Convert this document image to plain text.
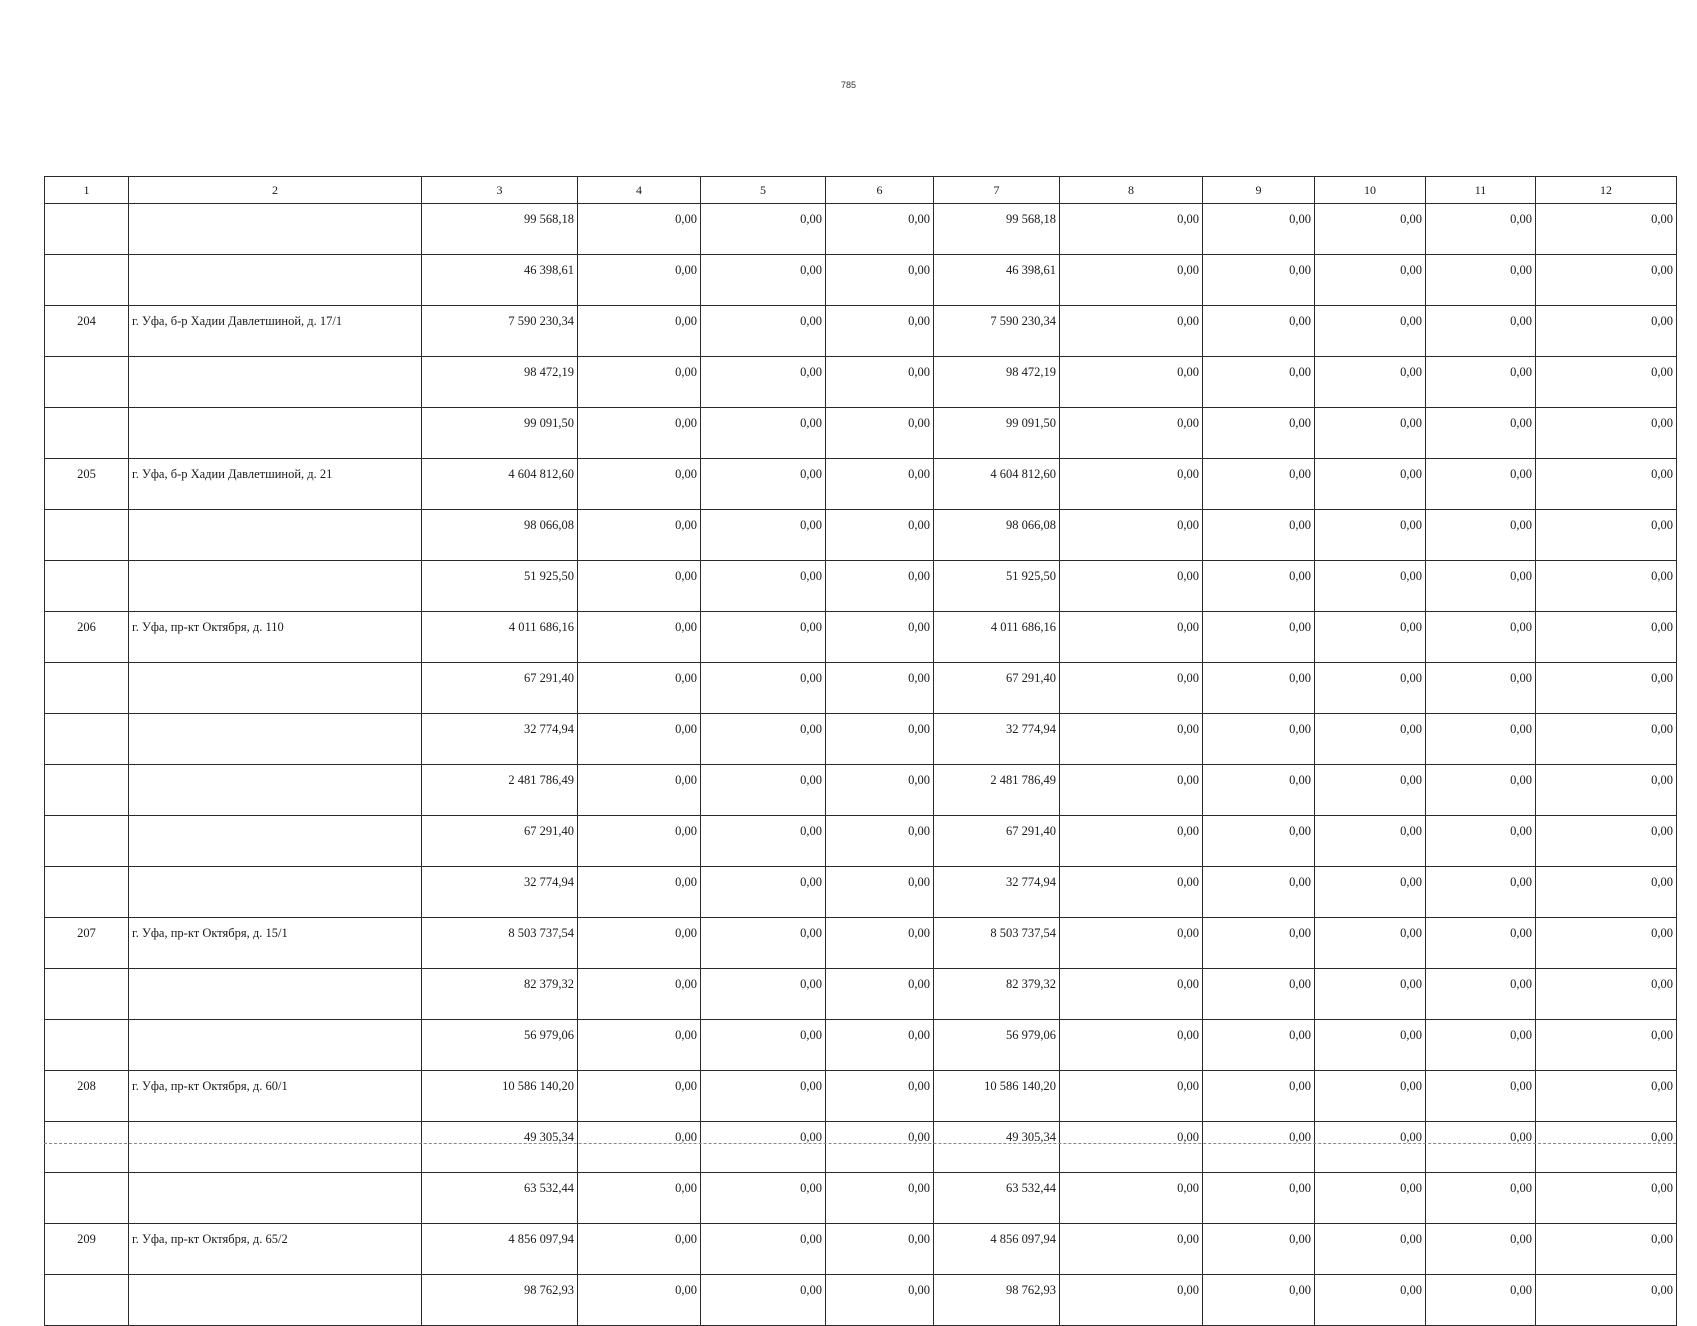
785
1	2	3	4	5	6	7	8	9	10	11	12
		99 568,18	0,00	0,00	0,00	99 568,18	0,00	0,00	0,00	0,00	0,00
		46 398,61	0,00	0,00	0,00	46 398,61	0,00	0,00	0,00	0,00	0,00
204	г. Уфа, б-р Хадии Давлетшиной, д. 17/1	7 590 230,34	0,00	0,00	0,00	7 590 230,34	0,00	0,00	0,00	0,00	0,00
		98 472,19	0,00	0,00	0,00	98 472,19	0,00	0,00	0,00	0,00	0,00
		99 091,50	0,00	0,00	0,00	99 091,50	0,00	0,00	0,00	0,00	0,00
205	г. Уфа, б-р Хадии Давлетшиной, д. 21	4 604 812,60	0,00	0,00	0,00	4 604 812,60	0,00	0,00	0,00	0,00	0,00
		98 066,08	0,00	0,00	0,00	98 066,08	0,00	0,00	0,00	0,00	0,00
		51 925,50	0,00	0,00	0,00	51 925,50	0,00	0,00	0,00	0,00	0,00
206	г. Уфа, пр-кт Октября, д. 110	4 011 686,16	0,00	0,00	0,00	4 011 686,16	0,00	0,00	0,00	0,00	0,00
		67 291,40	0,00	0,00	0,00	67 291,40	0,00	0,00	0,00	0,00	0,00
		32 774,94	0,00	0,00	0,00	32 774,94	0,00	0,00	0,00	0,00	0,00
		2 481 786,49	0,00	0,00	0,00	2 481 786,49	0,00	0,00	0,00	0,00	0,00
		67 291,40	0,00	0,00	0,00	67 291,40	0,00	0,00	0,00	0,00	0,00
		32 774,94	0,00	0,00	0,00	32 774,94	0,00	0,00	0,00	0,00	0,00
207	г. Уфа, пр-кт Октября, д. 15/1	8 503 737,54	0,00	0,00	0,00	8 503 737,54	0,00	0,00	0,00	0,00	0,00
		82 379,32	0,00	0,00	0,00	82 379,32	0,00	0,00	0,00	0,00	0,00
		56 979,06	0,00	0,00	0,00	56 979,06	0,00	0,00	0,00	0,00	0,00
208	г. Уфа, пр-кт Октября, д. 60/1	10 586 140,20	0,00	0,00	0,00	10 586 140,20	0,00	0,00	0,00	0,00	0,00
		49 305,34	0,00	0,00	0,00	49 305,34	0,00	0,00	0,00	0,00	0,00
		63 532,44	0,00	0,00	0,00	63 532,44	0,00	0,00	0,00	0,00	0,00
209	г. Уфа, пр-кт Октября, д. 65/2	4 856 097,94	0,00	0,00	0,00	4 856 097,94	0,00	0,00	0,00	0,00	0,00
		98 762,93	0,00	0,00	0,00	98 762,93	0,00	0,00	0,00	0,00	0,00
